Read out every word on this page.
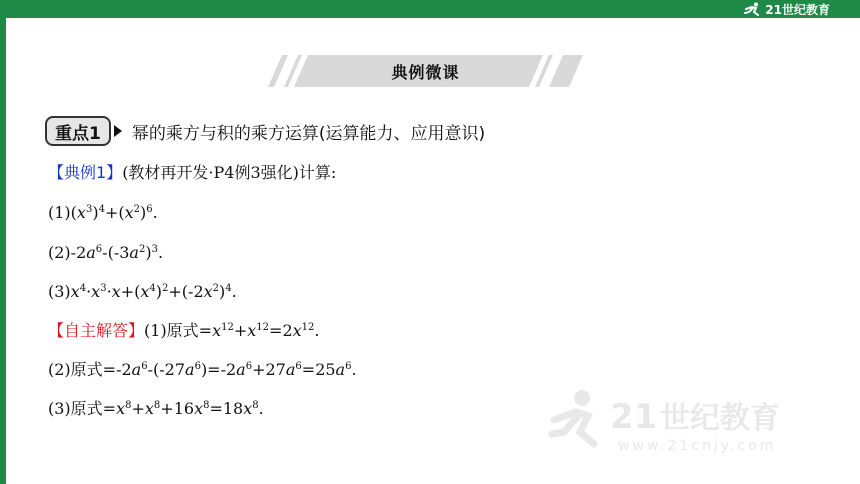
21世纪教育
典例微课
重点1	幂的乘方与积的乘方运算(运算能力、应用意识)
【典例1】(教材再开发·P4例3强化)计算:
$(1)(x^3)^4+(x^2)^6$.
$(2)-2a^6-(-3a^2)^3$.
$(3)x^4\cdot x^3\cdot x+(x^4)^2+(-2x^2)^4$.
【自主解答】(1)原式$=x^{12}+x^{12}=2x^{12}$.
(2)原式$=-2a^6-(-27a^6)=-2a^6+27a^6=25a^6$.
(3)原式$=x^8+x^8+16x^8=18x^8$.	21 世纪教育
www.21cnjy.com
